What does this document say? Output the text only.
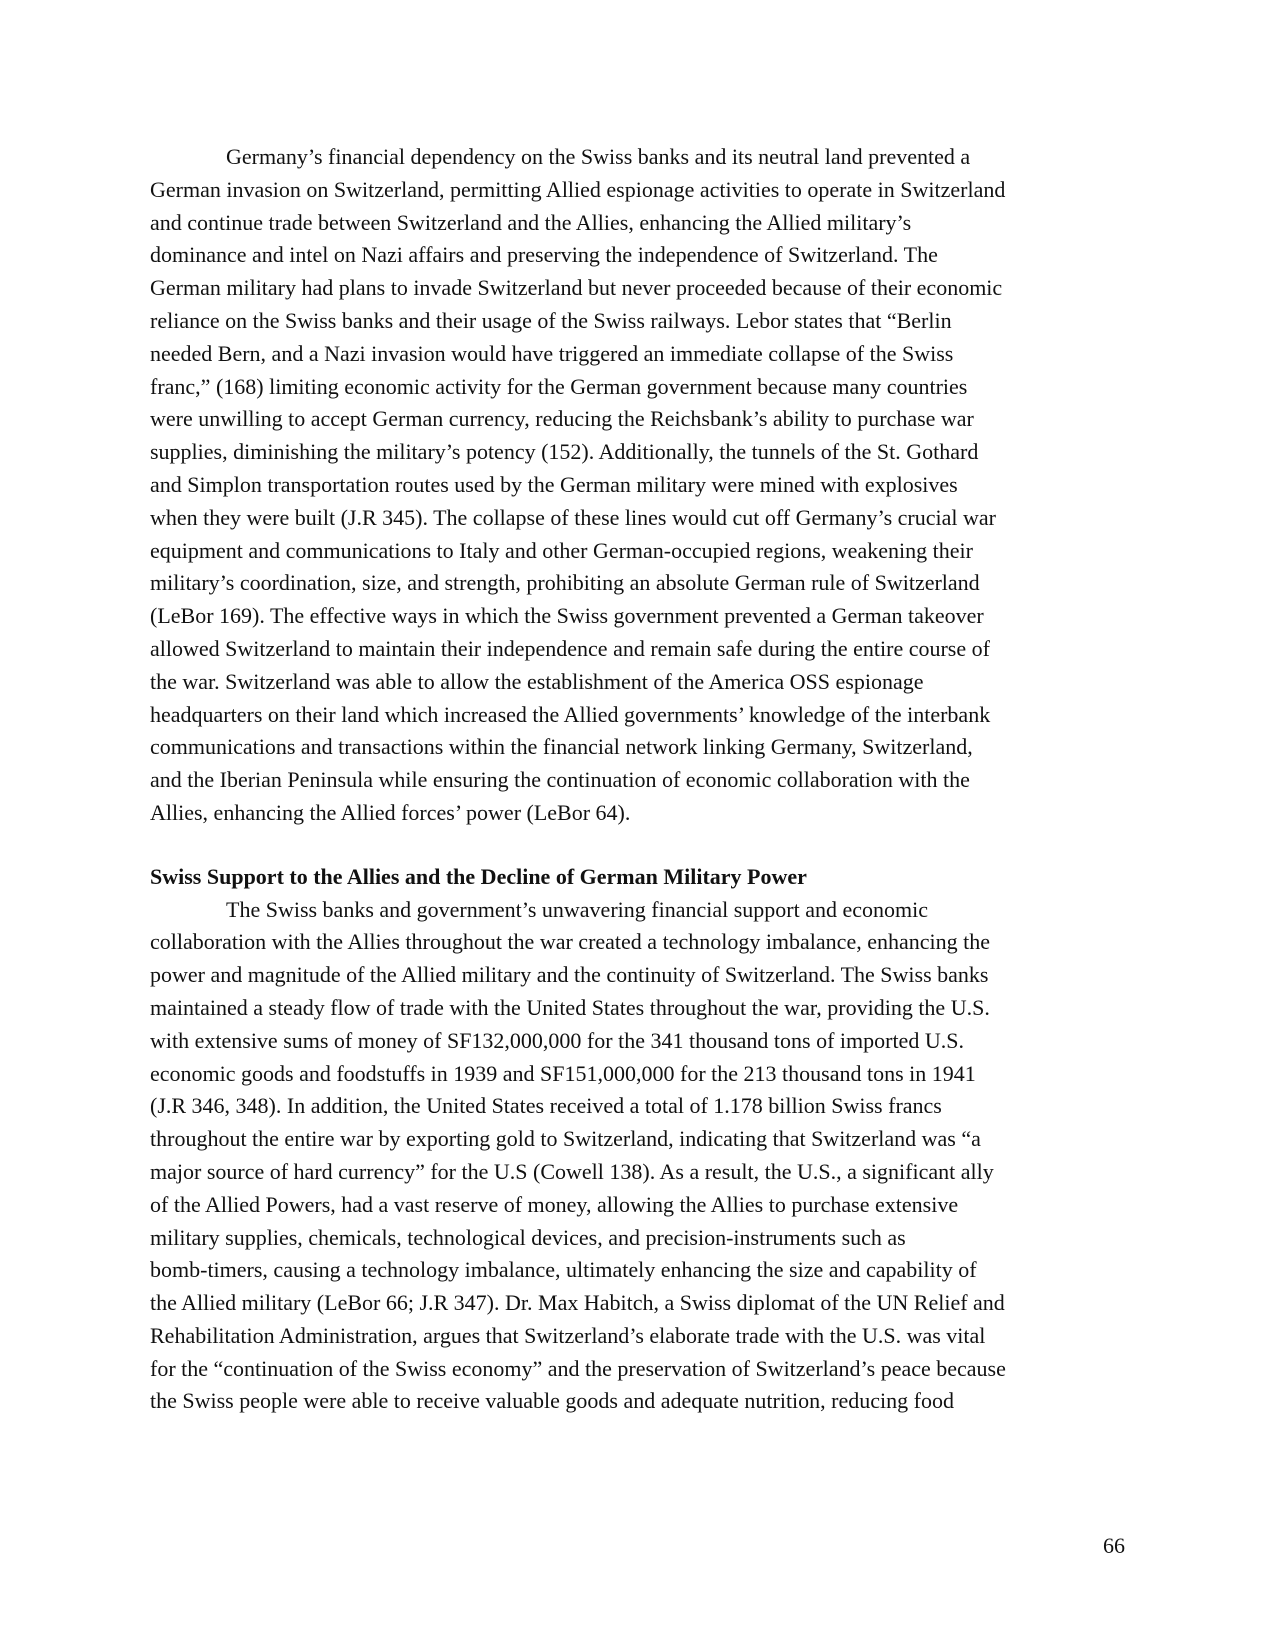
Germany’s financial dependency on the Swiss banks and its neutral land prevented a
German invasion on Switzerland, permitting Allied espionage activities to operate in Switzerland
and continue trade between Switzerland and the Allies, enhancing the Allied military’s
dominance and intel on Nazi affairs and preserving the independence of Switzerland. The
German military had plans to invade Switzerland but never proceeded because of their economic
reliance on the Swiss banks and their usage of the Swiss railways. Lebor states that “Berlin
needed Bern, and a Nazi invasion would have triggered an immediate collapse of the Swiss
franc,” (168) limiting economic activity for the German government because many countries
were unwilling to accept German currency, reducing the Reichsbank’s ability to purchase war
supplies, diminishing the military’s potency (152). Additionally, the tunnels of the St. Gothard
and Simplon transportation routes used by the German military were mined with explosives
when they were built (J.R 345). The collapse of these lines would cut off Germany’s crucial war
equipment and communications to Italy and other German-occupied regions, weakening their
military’s coordination, size, and strength, prohibiting an absolute German rule of Switzerland
(LeBor 169). The effective ways in which the Swiss government prevented a German takeover
allowed Switzerland to maintain their independence and remain safe during the entire course of
the war. Switzerland was able to allow the establishment of the America OSS espionage
headquarters on their land which increased the Allied governments’ knowledge of the interbank
communications and transactions within the financial network linking Germany, Switzerland,
and the Iberian Peninsula while ensuring the continuation of economic collaboration with the
Allies, enhancing the Allied forces’ power (LeBor 64).
Swiss Support to the Allies and the Decline of German Military Power
The Swiss banks and government’s unwavering financial support and economic
collaboration with the Allies throughout the war created a technology imbalance, enhancing the
power and magnitude of the Allied military and the continuity of Switzerland. The Swiss banks
maintained a steady flow of trade with the United States throughout the war, providing the U.S.
with extensive sums of money of SF132,000,000 for the 341 thousand tons of imported U.S.
economic goods and foodstuffs in 1939 and SF151,000,000 for the 213 thousand tons in 1941
(J.R 346, 348). In addition, the United States received a total of 1.178 billion Swiss francs
throughout the entire war by exporting gold to Switzerland, indicating that Switzerland was “a
major source of hard currency” for the U.S (Cowell 138). As a result, the U.S., a significant ally
of the Allied Powers, had a vast reserve of money, allowing the Allies to purchase extensive
military supplies, chemicals, technological devices, and precision-instruments such as
bomb-timers, causing a technology imbalance, ultimately enhancing the size and capability of
the Allied military (LeBor 66; J.R 347). Dr. Max Habitch, a Swiss diplomat of the UN Relief and
Rehabilitation Administration, argues that Switzerland’s elaborate trade with the U.S. was vital
for the “continuation of the Swiss economy” and the preservation of Switzerland’s peace because
the Swiss people were able to receive valuable goods and adequate nutrition, reducing food
66
